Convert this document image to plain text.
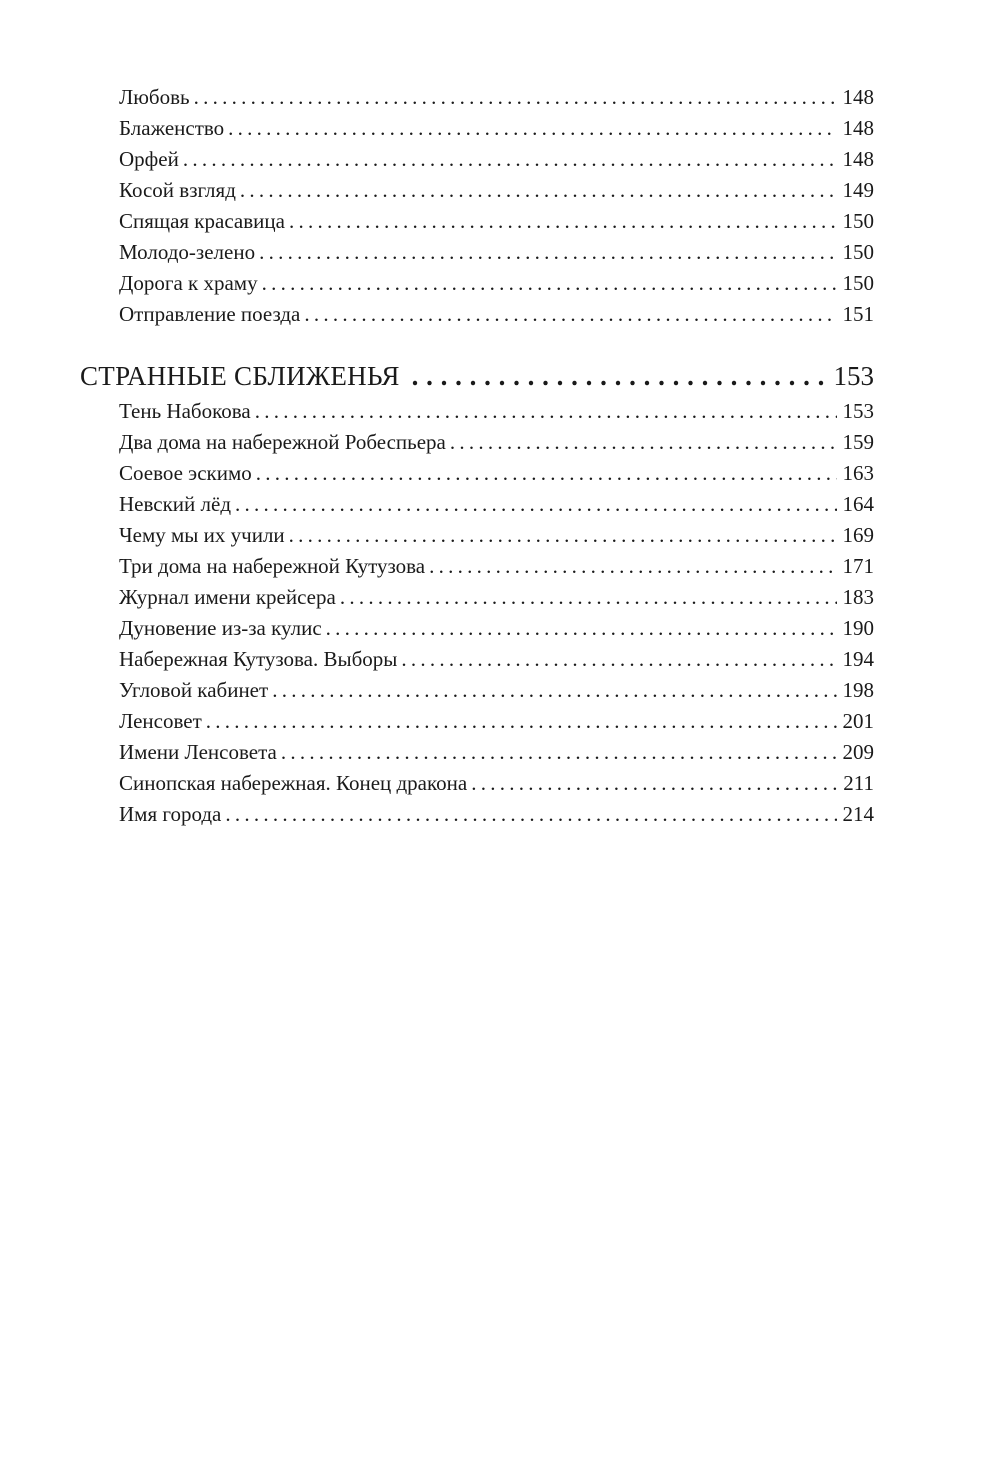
Любовь . . .	148
Блаженство . . .	148
Орфей . . .	148
Косой взгляд . . .	149
Спящая красавица . . .	150
Молодо-зелено . . .	150
Дорога к храму . . .	150
Отправление поезда . . .	151
СТРАННЫЕ СБЛИЖЕНЬЯ . . .	153
Тень Набокова . . .	153
Два дома на набережной Робеспьера . . .	159
Соевое эскимо . . .	163
Невский лёд . . .	164
Чему мы их учили . . .	169
Три дома на набережной Кутузова . . .	171
Журнал имени крейсера . . .	183
Дуновение из-за кулис . . .	190
Набережная Кутузова. Выборы . . .	194
Угловой кабинет . . .	198
Ленсовет . . .	201
Имени Ленсовета . . .	209
Синопская набережная. Конец дракона . . .	211
Имя города . . .	214
